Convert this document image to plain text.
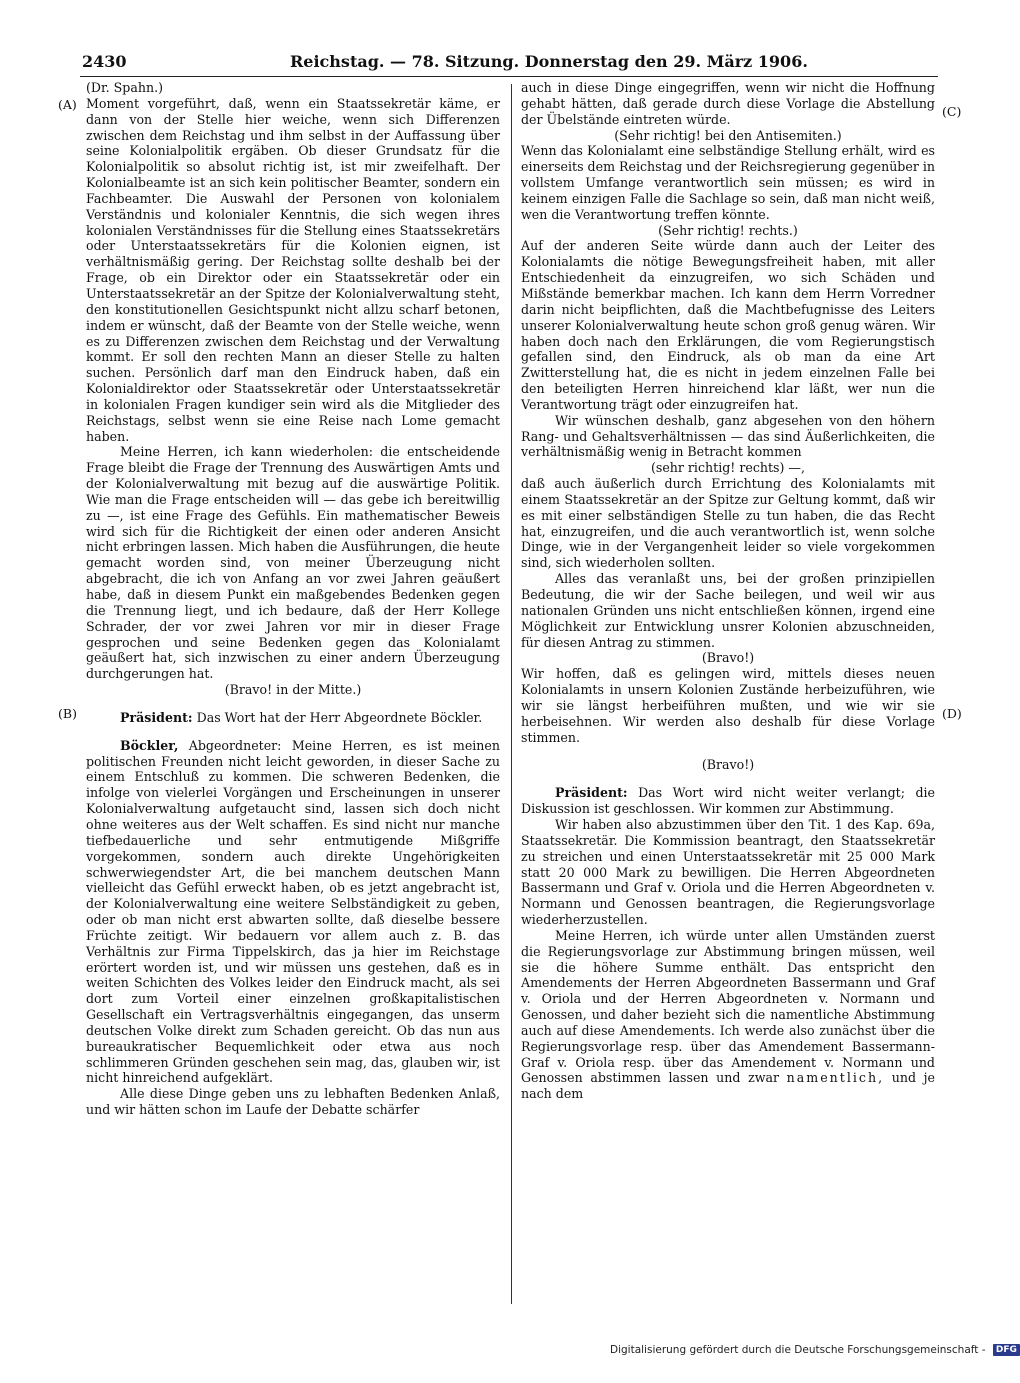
2430	Reichstag. — 78. Sitzung. Donnerstag den 29. März 1906.
(A)
(B)
(C)
(D)

(Dr. Spahn.)

Moment vorgeführt, daß, wenn ein Staatssekretär käme, er dann von der Stelle hier weiche, wenn sich Differenzen zwischen dem Reichstag und ihm selbst in der Auffassung über seine Kolonialpolitik ergäben. Ob dieser Grundsatz für die Kolonialpolitik so absolut richtig ist, ist mir zweifelhaft. Der Kolonialbeamte ist an sich kein politischer Beamter, sondern ein Fachbeamter. Die Auswahl der Personen von kolonialem Verständnis und kolonialer Kenntnis, die sich wegen ihres kolonialen Verständnisses für die Stellung eines Staatssekretärs oder Unterstaatssekretärs für die Kolonien eignen, ist verhältnismäßig gering. Der Reichstag sollte deshalb bei der Frage, ob ein Direktor oder ein Staatssekretär oder ein Unterstaatssekretär an der Spitze der Kolonialverwaltung steht, den konstitutionellen Gesichtspunkt nicht allzu scharf betonen, indem er wünscht, daß der Beamte von der Stelle weiche, wenn es zu Differenzen zwischen dem Reichstag und der Verwaltung kommt. Er soll den rechten Mann an dieser Stelle zu halten suchen. Persönlich darf man den Eindruck haben, daß ein Kolonialdirektor oder Staatssekretär oder Unterstaatssekretär in kolonialen Fragen kundiger sein wird als die Mitglieder des Reichstags, selbst wenn sie eine Reise nach Lome gemacht haben.

Meine Herren, ich kann wiederholen: die entscheidende Frage bleibt die Frage der Trennung des Auswärtigen Amts und der Kolonialverwaltung mit bezug auf die auswärtige Politik. Wie man die Frage entscheiden will — das gebe ich bereitwillig zu —, ist eine Frage des Gefühls. Ein mathematischer Beweis wird sich für die Richtigkeit der einen oder anderen Ansicht nicht erbringen lassen. Mich haben die Ausführungen, die heute gemacht worden sind, von meiner Überzeugung nicht abgebracht, die ich von Anfang an vor zwei Jahren geäußert habe, daß in diesem Punkt ein maßgebendes Bedenken gegen die Trennung liegt, und ich bedaure, daß der Herr Kollege Schrader, der vor zwei Jahren vor mir in dieser Frage gesprochen und seine Bedenken gegen das Kolonialamt geäußert hat, sich inzwischen zu einer andern Überzeugung durchgerungen hat.

(Bravo! in der Mitte.)

Präsident: Das Wort hat der Herr Abgeordnete Böckler.

Böckler, Abgeordneter: Meine Herren, es ist meinen politischen Freunden nicht leicht geworden, in dieser Sache zu einem Entschluß zu kommen. Die schweren Bedenken, die infolge von vielerlei Vorgängen und Erscheinungen in unserer Kolonialverwaltung aufgetaucht sind, lassen sich doch nicht ohne weiteres aus der Welt schaffen. Es sind nicht nur manche tiefbedauerliche und sehr entmutigende Mißgriffe vorgekommen, sondern auch direkte Ungehörigkeiten schwerwiegendster Art, die bei manchem deutschen Mann vielleicht das Gefühl erweckt haben, ob es jetzt angebracht ist, der Kolonialverwaltung eine weitere Selbständigkeit zu geben, oder ob man nicht erst abwarten sollte, daß dieselbe bessere Früchte zeitigt. Wir bedauern vor allem auch z. B. das Verhältnis zur Firma Tippelskirch, das ja hier im Reichstage erörtert worden ist, und wir müssen uns gestehen, daß es in weiten Schichten des Volkes leider den Eindruck macht, als sei dort zum Vorteil einer einzelnen großkapitalistischen Gesellschaft ein Vertragsverhältnis eingegangen, das unserm deutschen Volke direkt zum Schaden gereicht. Ob das nun aus bureaukratischer Bequemlichkeit oder etwa aus noch schlimmeren Gründen geschehen sein mag, das, glauben wir, ist nicht hinreichend aufgeklärt.

Alle diese Dinge geben uns zu lebhaften Bedenken Anlaß, und wir hätten schon im Laufe der Debatte schärfer

auch in diese Dinge eingegriffen, wenn wir nicht die Hoffnung gehabt hätten, daß gerade durch diese Vorlage die Abstellung der Übelstände eintreten würde.

(Sehr richtig! bei den Antisemiten.)

Wenn das Kolonialamt eine selbständige Stellung erhält, wird es einerseits dem Reichstag und der Reichsregierung gegenüber in vollstem Umfange verantwortlich sein müssen; es wird in keinem einzigen Falle die Sachlage so sein, daß man nicht weiß, wen die Verantwortung treffen könnte.

(Sehr richtig! rechts.)

Auf der anderen Seite würde dann auch der Leiter des Kolonialamts die nötige Bewegungsfreiheit haben, mit aller Entschiedenheit da einzugreifen, wo sich Schäden und Mißstände bemerkbar machen. Ich kann dem Herrn Vorredner darin nicht beipflichten, daß die Machtbefugnisse des Leiters unserer Kolonialverwaltung heute schon groß genug wären. Wir haben doch nach den Erklärungen, die vom Regierungstisch gefallen sind, den Eindruck, als ob man da eine Art Zwitterstellung hat, die es nicht in jedem einzelnen Falle bei den beteiligten Herren hinreichend klar läßt, wer nun die Verantwortung trägt oder einzugreifen hat.

Wir wünschen deshalb, ganz abgesehen von den höhern Rang- und Gehaltsverhältnissen — das sind Äußerlichkeiten, die verhältnismäßig wenig in Betracht kommen

(sehr richtig! rechts) —,

daß auch äußerlich durch Errichtung des Kolonialamts mit einem Staatssekretär an der Spitze zur Geltung kommt, daß wir es mit einer selbständigen Stelle zu tun haben, die das Recht hat, einzugreifen, und die auch verantwortlich ist, wenn solche Dinge, wie in der Vergangenheit leider so viele vorgekommen sind, sich wiederholen sollten.

Alles das veranlaßt uns, bei der großen prinzipiellen Bedeutung, die wir der Sache beilegen, und weil wir aus nationalen Gründen uns nicht entschließen können, irgend eine Möglichkeit zur Entwicklung unsrer Kolonien abzuschneiden, für diesen Antrag zu stimmen.

(Bravo!)

Wir hoffen, daß es gelingen wird, mittels dieses neuen Kolonialamts in unsern Kolonien Zustände herbeizuführen, wie wir sie längst herbeiführen mußten, und wie wir sie herbeisehnen. Wir werden also deshalb für diese Vorlage stimmen.

(Bravo!)

Präsident: Das Wort wird nicht weiter verlangt; die Diskussion ist geschlossen. Wir kommen zur Abstimmung.

Wir haben also abzustimmen über den Tit. 1 des Kap. 69a, Staatssekretär. Die Kommission beantragt, den Staatssekretär zu streichen und einen Unterstaatssekretär mit 25 000 Mark statt 20 000 Mark zu bewilligen. Die Herren Abgeordneten Bassermann und Graf v. Oriola und die Herren Abgeordneten v. Normann und Genossen beantragen, die Regierungsvorlage wiederherzustellen.

Meine Herren, ich würde unter allen Umständen zuerst die Regierungsvorlage zur Abstimmung bringen müssen, weil sie die höhere Summe enthält. Das entspricht den Amendements der Herren Abgeordneten Bassermann und Graf v. Oriola und der Herren Abgeordneten v. Normann und Genossen, und daher bezieht sich die namentliche Abstimmung auch auf diese Amendements. Ich werde also zunächst über die Regierungsvorlage resp. über das Amendement Bassermann-Graf v. Oriola resp. über das Amendement v. Normann und Genossen abstimmen lassen und zwar namentlich, und je nach dem

Digitalisierung gefördert durch die Deutsche Forschungsgemeinschaft - DFG
